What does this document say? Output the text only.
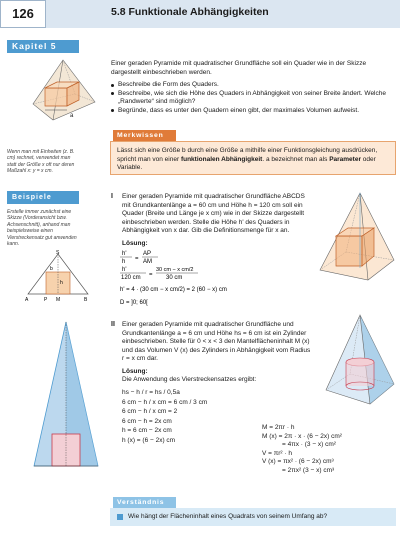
126	5.8 Funktionale Abhängigkeiten
Kapitel 5
a
Einer geraden Pyramide mit quadratischer Grundfläche soll ein Quader wie in der Skizze dargestellt einbeschrieben werden.
Beschreibe die Form des Quaders.
Beschreibe, wie sich die Höhe des Quaders in Abhängigkeit von seiner Breite ändert. Welche „Randwerte“ sind möglich?
Begründe, dass es unter den Quadern einen gibt, der maximales Volumen aufweist.
Merkwissen
Lässt sich eine Größe b durch eine Größe a mithilfe einer Funktionsgleichung ausdrücken, spricht man von einer funktionalen Abhängigkeit. a bezeichnet man als Parameter oder Variable.
Wenn man mit Einheiten (z. B. cm) rechnet, verwendet man statt der Größe x oft nur deren Maßzahl x: y = x cm.
Beispiele
Erstelle immer zunächst eine Skizze (Vorderansicht bzw. Achsenschnitt), anhand man beispielsweise einen Vierstreckensatz gut anwenden kann.
S
b
h
A	P M	B
I Einer geraden Pyramide mit quadratischer Grundfläche ABCDS mit Grundkantenlänge a = 60 cm und Höhe h = 120 cm soll ein Quader (Breite und Länge je x cm) wie in der Skizze dargestellt einbeschrieben werden. Stelle die Höhe h' des Quaders in Abhängigkeit von x dar. Gib die Definitionsmenge für x an.
Lösung:
h'
h =
AP
AM
h'
120 cm =
30 cm − x cm/2
30 cm
h' = 4 · (30 cm − x cm/2) = 2 (60 − x) cm
D = ]0; 60[
II Einer geraden Pyramide mit quadratischer Grundfläche und Grundkantenlänge a = 6 cm und Höhe hs = 6 cm ist ein Zylinder einbeschrieben. Stelle für 0 < x < 3 den Mantelflächeninhalt M (x) und das Volumen V (x) des Zylinders in Abhängigkeit vom Radius r = x cm dar.
Lösung:
Die Anwendung des Vierstreckensatzes ergibt:
hs − h / r = hs / 0,5a
6 cm − h / x cm = 6 cm / 3 cm
6 cm − h / x cm = 2
6 cm − h = 2x cm
h = 6 cm − 2x cm
h (x) = (6 − 2x) cm
M = 2πr · h
M (x) = 2π · x · (6 − 2x) cm²
= 4πx · (3 − x) cm²
V = πr² · h
V (x) = πx² · (6 − 2x) cm³
= 2πx² (3 − x) cm³
Verständnis
Wie hängt der Flächeninhalt eines Quadrats von seinem Umfang ab?
